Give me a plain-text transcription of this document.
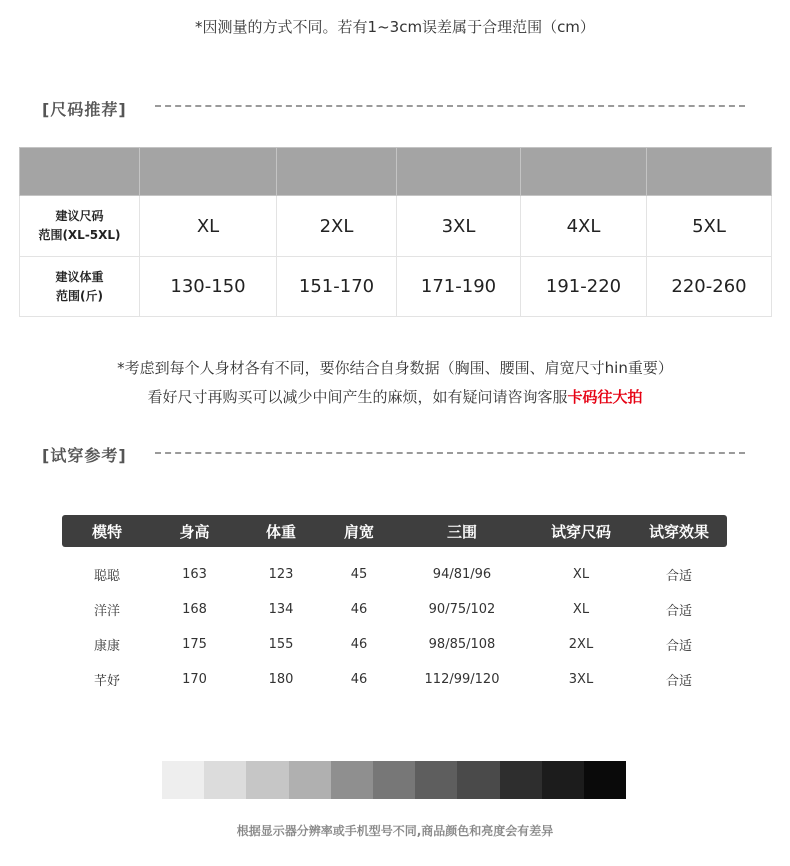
*因测量的方式不同。若有1~3cm误差属于合理范围（cm）
[尺码推荐]

建议尺码
范围(XL-5XL)	XL	2XL	3XL	4XL	5XL

建议体重
范围(斤)	130-150	151-170	171-190	191-220	220-260
*考虑到每个人身材各有不同，要你结合自身数据（胸围、腰围、肩宽尺寸hin重要）
看好尺寸再购买可以减少中间产生的麻烦，如有疑问请咨询客服卡码往大拍
[试穿参考]
模特	身高	体重	肩宽	三围	试穿尺码	试穿效果
聪聪	163	123	45	94/81/96	XL	合适
洋洋	168	134	46	90/75/102	XL	合适
康康	175	155	46	98/85/108	2XL	合适
芊妤	170	180	46	112/99/120	3XL	合适
根据显示器分辨率或手机型号不同,商品颜色和亮度会有差异
